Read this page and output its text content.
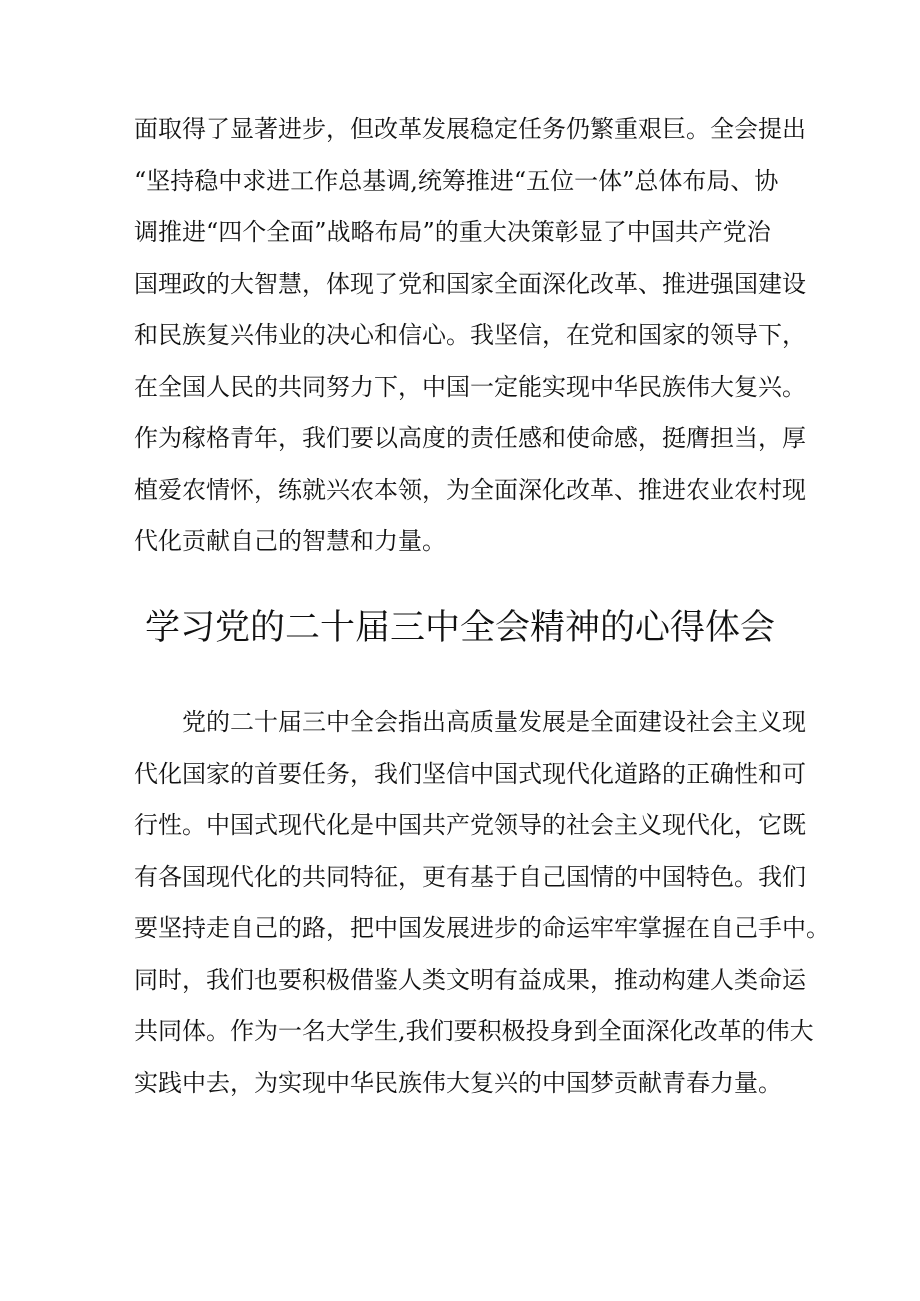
面取得了显著进步，但改革发展稳定任务仍繁重艰巨。全会提出
“坚持稳中求进工作总基调,统筹推进“五位一体”总体布局、协
调推进“四个全面”战略布局”的重大决策彰显了中国共产党治
国理政的大智慧，体现了党和国家全面深化改革、推进强国建设
和民族复兴伟业的决心和信心。我坚信，在党和国家的领导下，
在全国人民的共同努力下，中国一定能实现中华民族伟大复兴。
作为稼格青年，我们要以高度的责任感和使命感，挺膺担当，厚
植爱农情怀，练就兴农本领，为全面深化改革、推进农业农村现
代化贡献自己的智慧和力量。
学习党的二十届三中全会精神的心得体会
　　党的二十届三中全会指出高质量发展是全面建设社会主义现
代化国家的首要任务，我们坚信中国式现代化道路的正确性和可
行性。中国式现代化是中国共产党领导的社会主义现代化，它既
有各国现代化的共同特征，更有基于自己国情的中国特色。我们
要坚持走自己的路，把中国发展进步的命运牢牢掌握在自己手中。
同时，我们也要积极借鉴人类文明有益成果，推动构建人类命运
共同体。作为一名大学生,我们要积极投身到全面深化改革的伟大
实践中去，为实现中华民族伟大复兴的中国梦贡献青春力量。
